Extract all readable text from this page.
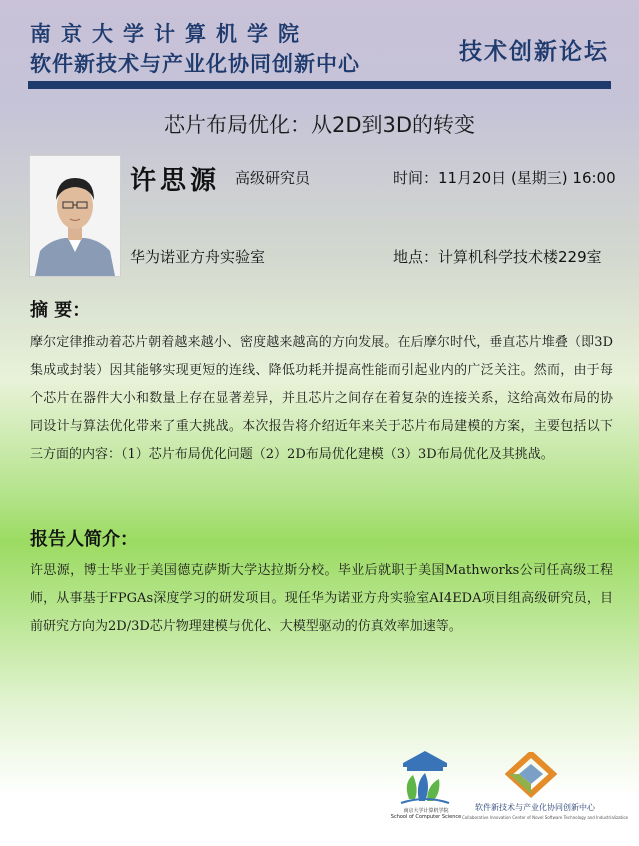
南京大学计算机学院
软件新技术与产业化协同创新中心	技术创新论坛
芯片布局优化：从2D到3D的转变
许思源 高级研究员	时间：11月20日 (星期三) 16:00
华为诺亚方舟实验室	地点：计算机科学技术楼229室
摘 要：
摩尔定律推动着芯片朝着越来越小、密度越来越高的方向发展。在后摩尔时代，垂直芯片堆叠（即3D集成或封装）因其能够实现更短的连线、降低功耗并提高性能而引起业内的广泛关注。然而，由于每个芯片在器件大小和数量上存在显著差异，并且芯片之间存在着复杂的连接关系，这给高效布局的协同设计与算法优化带来了重大挑战。本次报告将介绍近年来关于芯片布局建模的方案，主要包括以下三方面的内容：（1）芯片布局优化问题（2）2D布局优化建模（3）3D布局优化及其挑战。
报告人简介：
许思源，博士毕业于美国德克萨斯大学达拉斯分校。毕业后就职于美国Mathworks公司任高级工程师，从事基于FPGAs深度学习的研发项目。现任华为诺亚方舟实验室AI4EDA项目组高级研究员，目前研究方向为2D/3D芯片物理建模与优化、大模型驱动的仿真效率加速等。
南京大学计算机学院
School of Computer Science
软件新技术与产业化协同创新中心
Collaborative Innovation Center of Novel Software Technology and Industrialization
